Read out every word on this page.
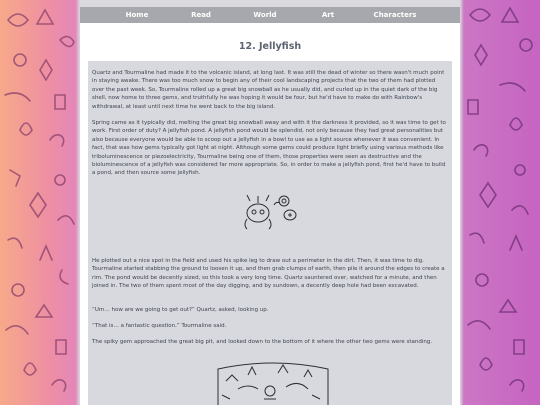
Home	Read	World	Art	Characters
12. Jellyfish

Quartz and Tourmaline had made it to the volcanic island, at long last. It was still the dead of winter so there wasn't much point in staying awake. There was too much snow to begin any of their cool landscaping projects that the two of them had plotted over the past week. So, Tourmaline rolled up a great big snowball as he usually did, and curled up in the quiet dark of the big shell, now home to three gems, and truthfully he was hoping it would be four, but he'd have to make do with Rainbow's withdrawal, at least until next time he went back to the big island.

Spring came as it typically did, melting the great big snowball away and with it the darkness it provided, so it was time to get to work. First order of duty? A jellyfish pond. A jellyfish pond would be splendid, not only because they had great personalities but also because everyone would be able to scoop out a jellyfish in a bowl to use as a light source whenever it was convenient. In fact, that was how gems typically got light at night. Although some gems could produce light briefly using various methods like triboluminescence or piezoelectricity, Tourmaline being one of them, those properties were seen as destructive and the bioluminescence of a jellyfish was considered far more appropriate. So, in order to make a jellyfish pond, first he'd have to build a pond, and then source some jellyfish.

He plotted out a nice spot in the field and used his spike leg to draw out a perimeter in the dirt. Then, it was time to dig. Tourmaline started stabbing the ground to loosen it up, and then grab clumps of earth, then pile it around the edges to create a rim. The pond would be decently sized, so this took a very long time. Quartz sauntered over, watched for a minute, and then joined in. The two of them spent most of the day digging, and by sundown, a decently deep hole had been excavated.

“Um… how are we going to get out?” Quartz, asked, looking up.

“That is… a fantastic question.” Tourmaline said.

The spiky gem approached the great big pit, and looked down to the bottom of it where the other two gems were standing.
